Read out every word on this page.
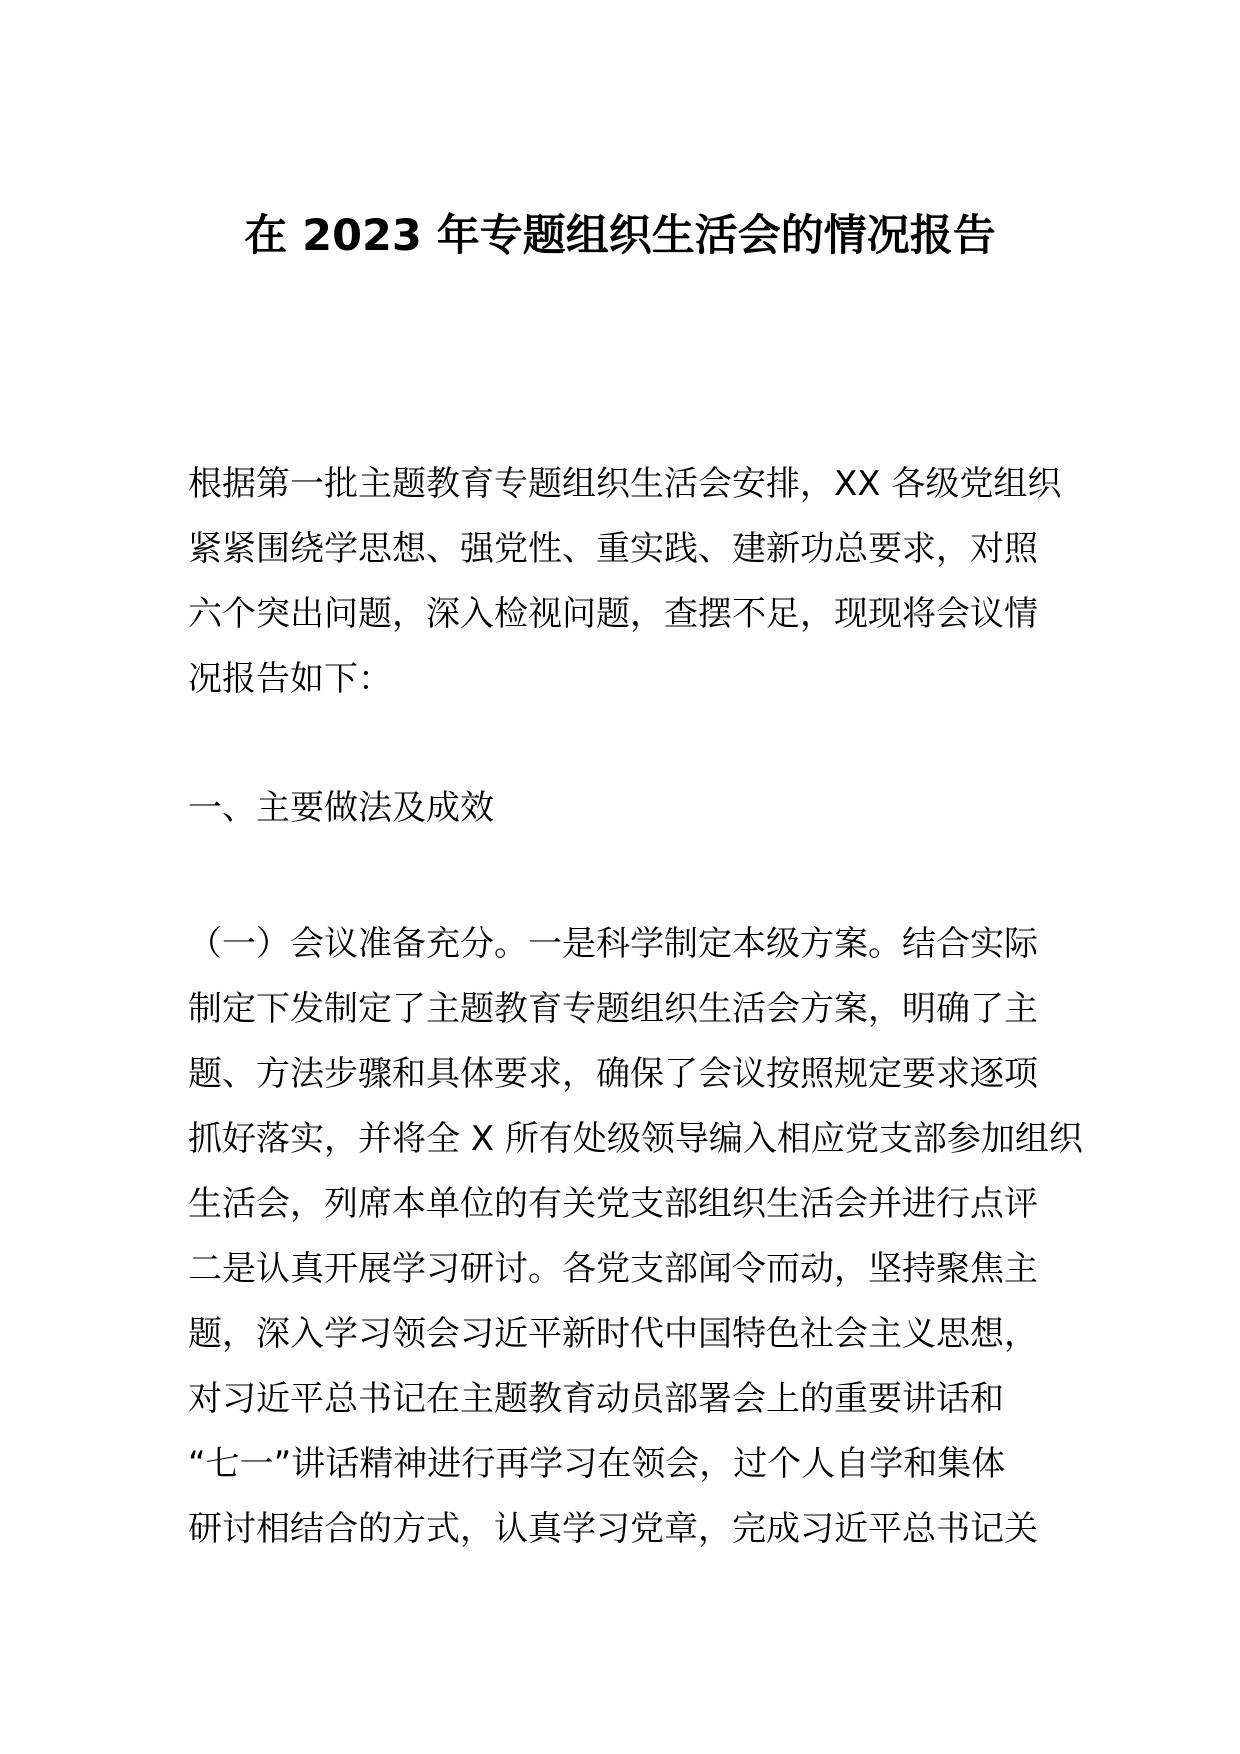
在 2023 年专题组织生活会的情况报告
根据第一批主题教育专题组织生活会安排，XX 各级党组织
紧紧围绕学思想、强党性、重实践、建新功总要求，对照
六个突出问题，深入检视问题，查摆不足，现现将会议情
况报告如下：
一、主要做法及成效
（一）会议准备充分。一是科学制定本级方案。结合实际
制定下发制定了主题教育专题组织生活会方案，明确了主
题、方法步骤和具体要求，确保了会议按照规定要求逐项
抓好落实，并将全 X 所有处级领导编入相应党支部参加组织
生活会，列席本单位的有关党支部组织生活会并进行点评
二是认真开展学习研讨。各党支部闻令而动，坚持聚焦主
题，深入学习领会习近平新时代中国特色社会主义思想，
对习近平总书记在主题教育动员部署会上的重要讲话和
“七一”讲话精神进行再学习在领会，过个人自学和集体
研讨相结合的方式，认真学习党章，完成习近平总书记关
